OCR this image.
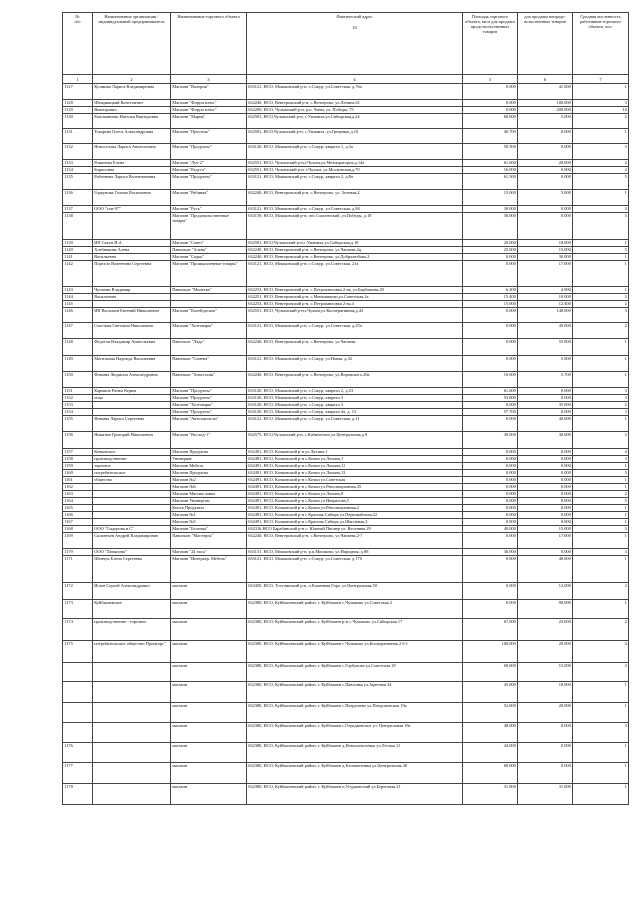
№
п/п	Наименование организации / индивидуальный предприниматель	Наименование торгового объекта	Фактический адрес
18	Площадь торгового объекта, кв.м для продажи продо-вольственных товаров	для продажи непродо-вольственных товаров	Средняя численность работников торгового объекта, чел.
1	2	3	4	5	6	7
1127	Кузякова Лариса Владимировна	Магазин "Валерия"	633121, НСО, Мошковский р-н, с.Сокур, ул.Советская, д.76а	0.000	41.000	1
1128	Штырмацкий Константин	Магазин "Форум плюс"	632240, НСО, Венгеровский р-н, с.Венгерово, ул.Ленина,61	0.000	100.000	3
1129	Викторович	Магазин "Форум плюс"	632200, НСО, Чулымский р-н, р.п. Чаны, ул. Победы, 75	0.000	200.000	10
1130	Емельяненко Наталья Викторовна	Магазин "Мария"	632581, НСО,Чулымский р-н, с.Ужаниха,ул.Сибирская,д.24	60.000	5.000	2
1131	Токарева Олеся Александровна	Магазин "Престиж"	632581, НСО,Чулымский р-н, с.Ужаниха, ул.Гриценко,д.10	40.700	8.000	1
1132	Новоселова Лариса Анатольевна	Магазин "Продукты"	633120, НСО, Мошковский р-н, с.Сокур, квартал 1, д.3а	50.500	0.000	3
1133	Романова Елена	Магазин "Луч-2"	632551, НСО, Чулымский р-н,г.Чулым,ул.Мелиораторов,д.14а	61.600	20.000	2
1134	Борисовна	Магазин "Радуга"	632551, НСО, Чулымский р-н, г.Чулым, ул.Московская,д.70	16.000	0.000	2
1135	Работнева Лариса Валентиновна	Магазин "Продукты"	633121, НСО, Мошковский р-н, с.Сокур, квартал 2, д.8а	61.500	0.000	5
1136	Горкунова Галина Васильевна	Магазин "Рябинка"	632240, НСО, Венгеровский р-н, с.Венгерово, ул. Зеленая,2	15.000	5.000	1
1137	ООО "г.ов-97"	Магазин "Русь"	633121, НСО, Мошковский р-н, с.Сокур, ул.Советская, д.84	30.000	0.000	4
1138		Магазин "Продовольственные товары"	633139, НСО, Мошковский р-н, пос.Смоленский, ул.Победы, д.18	30.000	0.000	3
1139	ИП Сакун И.А.	Магазин "Совет"	632581, НСО,Чулымский р-н,с.Ужаниха,ул.Сибирская,д.18	20.000	10.000	1
1140	Хлебникова Алена	Павильон "Алена"	632240, НСО, Венгеровский р-н, с.Венгерово, ул.Чапаева,2ц	25.000	15.000	5
1141	Васильевна	Магазин "Садко"	632240, НСО, Венгеровский р-н, с.Венгерово, ул.Добралюбова,2	0.000	30.000	1
1142	Портало Валентина Сергеевна	Магазин "Промышленные товары"	633121, НСО, Мошковский р-н, с.Сокур, ул.Советская, 21а	0.000	17.000	1
1143	Чупахин Владимир	Павильон "Монетка"	632253, НСО, Венгеровский р-н, с.Петропавловка 2-ая, ул.Барбашова,29	6.300	4.000	1
1144	Васильевич		632251, НСО, Венгеровский р-н, с.Меньшиково,ул.Советская,1а	15.400	10.000	2
1145			632253, НСО, Венгеровский р-н, с.Петропавловка 2-ая,4	15.000	12.400	2
1146	ИП Васильев Евгений Николаевич	Магазин "Калейдоскоп"	632551, НСО, Чулымский р-н,г.Чулым,ул.Кооперативная,д.43	0.000	140.000	3
1147	Счастная Светлана Николаевна	Магазин "Хозтовары"	633121, НСО, Мошковский р-н, с.Сокур, ул.Советская, д.25а	0.000	45.000	2
1148	Федотов Владимир Анатольевич	Павильон "Лада"	632240, НСО, Венгеровский р-н, с.Венгерово, ул.Чапаева	0.000	55.800	1
1149	Могильная Надежда Васильевна	Павильон "Семена"	633121, НСО, Мошковский р-н, с.Сокур, ул.Новая, д.32	0.000	5.000	1
1150	Фомина Людмила Александровна	Павильон "Анастасия"	632240, НСО, Венгеровский р-н, с.Венгерово, ул.Воровского,28а	10.000	5.700	1
1151	Каримов Ратим Керим	Магазин "Продукты"	633120, НСО, Мошковский р-н, с.Сокур, квартал 2, д.23	61.600	0.000	3
1152	оглы	Магазин "Продукты"	633120, НСО, Мошковский р-н, с.Сокур, квартал 3	53.000	0.000	3
1153		Магазин "Хозтовары"	633120, НСО, Мошковский р-н, с.Сокур, квартал 3	0.000	35.000	2
1154		Магазин "Продукты"	633120, НСО, Мошковский р-н, с.Сокур, квартал 4а, д. 13	57.700	0.000	3
1155	Фомина Лариса Сергеевна	Магазин "Автозапчасти"	633121, НСО, Мошковский р-н, с.Сокур, ул.Советская, д.11	0.000	40.000	1
1156	Никитин Григорий Николаевич	Магазин "Восход-1"	632575, НСО,Чулымский р-н, с.Кабинетное,ул.Центральная,д.9	30.000	30.000	2
1157	Кочковское	Магазин Продукты	632491, НСО, Кочковский р-н ул.Лахина,1	0.000	0.000	4
1158	производственно-	Универмаг	632491, НСО, Кочковский р-н с.Кочки ул.Лахина,1	0.000	0.000	3
1159	торговое	Магазин Мебель	632491, НСО, Кочковский р-н с.Кочки ул.Лахина,11	0.000	0.000	1
1160	потребительское	Магазин Продукты	632491, НСО, Кочковский р-н с.Кочки ул.Лахина,12	0.000	0.000	5
1161	общество	Магазин №2	632491, НСО, Кочковский р-н с.Кочки ул.Советская	0.000	0.000	1
1162		Магазин №6	632491, НСО, Кочковский р-н с.Кочки ул.Революционная,35	0.000	0.000	1
1163		Магазин Мясная лавка	632491, НСО, Кочковский р-н с.Кочки ул.Лахина,8	0.000	0.000	2
1164		Магазин Универсам	632491, НСО, Кочковский р-н с.Кочки ул.Некрасова,5	0.000	0.000	5
1165		Киоск Продукты	632491, НСО, Кочковский р-н с.Кочки ул.Революционная,2	0.000	0.000	1
1166		Магазин №1	632491, НСО, Кочковский р-н с.Красная Сибирь ул.Первомайская,22	0.000	0.000	1
1167		Магазин №5	632491, НСО, Кочковский р-н с.Красная Сибирь ул.Школьная,3	0.000	0.000	1
1168	ООО "Сидорова и С"	Магазин "Белочка"	632316,НСО Барабинский р-н с. Южный Пионер ул. Весенняя 29	49.000	15.000	3
1169	Силантьев Андрей Владимирович	Павильон "Мастерок"	632240, НСО, Венгеровский р-н, с.Венгерово, ул.Чапаева,2-7	0.000	17.000	1
1170	ООО "Латыпова"	Магазин "24 часа"	633131, НСО, Мошковский р-н, р.п.Мошково, ул.Народная, д.88	36.000	0.000	3
1171	Шенчук Елена Сергеевна	Магазин "Интерьер. Мебель"	633121, НСО, Мошковский р-н, с.Сокур, ул.Советская, д.170	0.000	40.000	1
1172	Исаев Сергей Александрович	магазин	633450, НСО, Тогучинский р-н, п.Каменная Гора. ул.Центральная,50	0.000	12.000	2
1173	Куйбышевское	магазин	632380, НСО, Куйбышевский район, г. Куйбышев с.Чумаково ул.Советская 2	0.000	90.000	1
1174	производственно - торговое	магазин	632380, НСО, Куйбышевский район, г. Куйбышев р-н с.Чумаково ул.Сибирская 17	67.000	23.000	2
1175	потребительское общество Промторг"	магазин	632380, НСО, Куйбышевский район, г. Куйбышев с.Чумаково ул.Кооперативная 2 б-1	100.000	20.000	4
		магазин	632380, НСО, Куйбышевский район, г. Куйбышев с.Горбуново ул.Советская 29	68.000	15.000	3
		магазин	632380, НСО, Куйбышевский район, г. Куйбышев с.Павловка ул.Заречная 34	45.000	10.000	1
		магазин	632380, НСО, Куйбышевский район, г. Куйбышев с.Патрушево ул.Патрушевская 19а	52.000	20.000	1
		магазин	632380, НСО, Куйбышевский район, г. Куйбышев с.Отрадненское ул. Центральная 18а	48.000	8.000	3
1176		магазин	632380, НСО, Куйбышевский район, г. Куйбышев д.Новоалексеевка ул.Лесная 11	44.000	0.000	1
1177		магазин	632380, НСО, Куйбышевский район, г. Куйбышев д.Елизаветинка ул.Центральная 40	68.000	0.000	1
1178		магазин	632380, НСО, Куйбышевский район, г. Куйбышев п.Угурманский ул.Береговая 21	31.000	31.000	1
